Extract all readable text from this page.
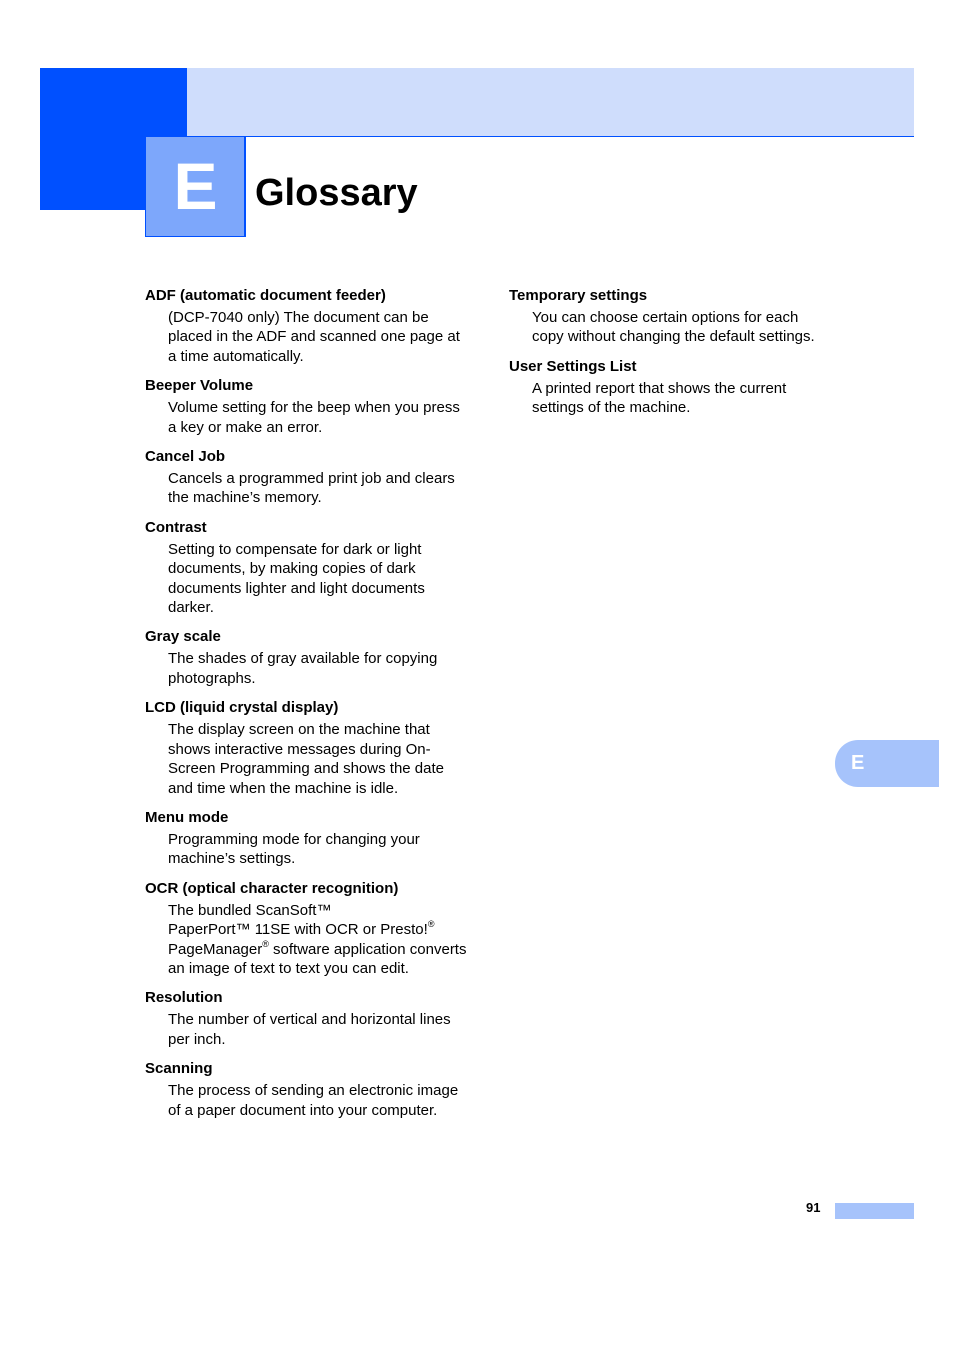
E Glossary

ADF (automatic document feeder)

(DCP-7040 only) The document can be placed in the ADF and scanned one page at a time automatically.

Beeper Volume

Volume setting for the beep when you press a key or make an error.

Cancel Job

Cancels a programmed print job and clears the machine’s memory.

Contrast

Setting to compensate for dark or light documents, by making copies of dark documents lighter and light documents darker.

Gray scale

The shades of gray available for copying photographs.

LCD (liquid crystal display)

The display screen on the machine that shows interactive messages during On-Screen Programming and shows the date and time when the machine is idle.

Menu mode

Programming mode for changing your machine’s settings.

OCR (optical character recognition)

The bundled ScanSoft™
PaperPort™ 11SE with OCR or Presto!®
PageManager® software application converts an image of text to text you can edit.

Resolution

The number of vertical and horizontal lines per inch.

Scanning

The process of sending an electronic image of a paper document into your computer.

Temporary settings

You can choose certain options for each copy without changing the default settings.

User Settings List

A printed report that shows the current settings of the machine.

E
91
